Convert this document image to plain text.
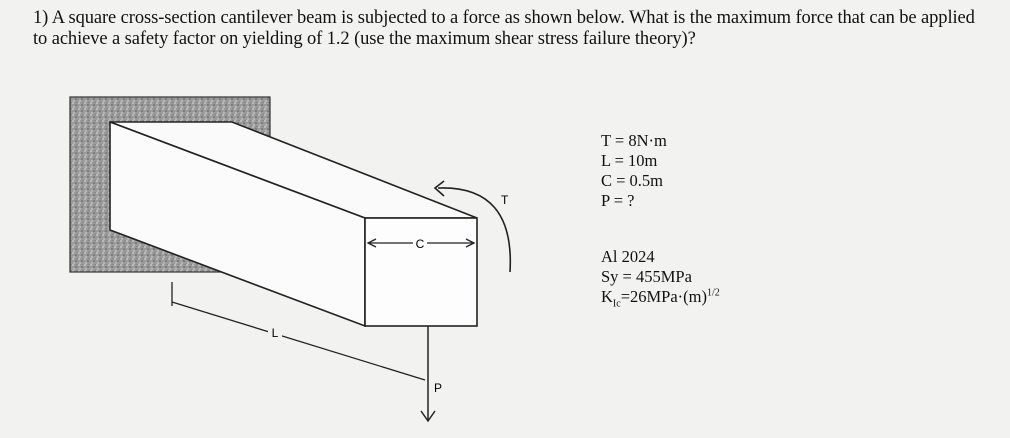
1) A square cross-section cantilever beam is subjected to a force as shown below. What is the maximum force that can be applied to achieve a safety factor on yielding of 1.2 (use the maximum shear stress failure theory)?
C
T
L
P
T = 8N·m
L = 10m
C = 0.5m
P = ?
Al 2024
Sy = 455MPa
$K_{Ic}=26MPa\cdot(m)^{1/2}$
